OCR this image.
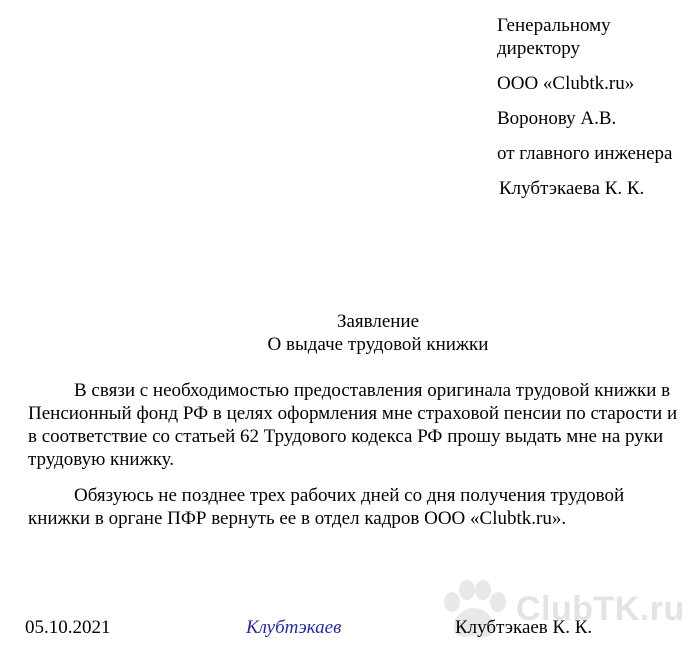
Генеральному
директору
ООО «Clubtk.ru»
Воронову А.В.
от главного инженера
Клубтэкаева К. К.
Заявление
О выдаче трудовой книжки

В связи с необходимостью предоставления оригинала трудовой книжки в Пенсионный фонд РФ в целях оформления мне страховой пенсии по старости и в соответствие со статьей 62 Трудового кодекса РФ прошу выдать мне на руки трудовую книжку.

Обязуюсь не позднее трех рабочих дней со дня получения трудовой книжки в органе ПФР вернуть ее в отдел кадров ООО «Clubtk.ru».

ClubTK.ru
05.10.2021	Клубтэкаев	Клубтэкаев К. К.
